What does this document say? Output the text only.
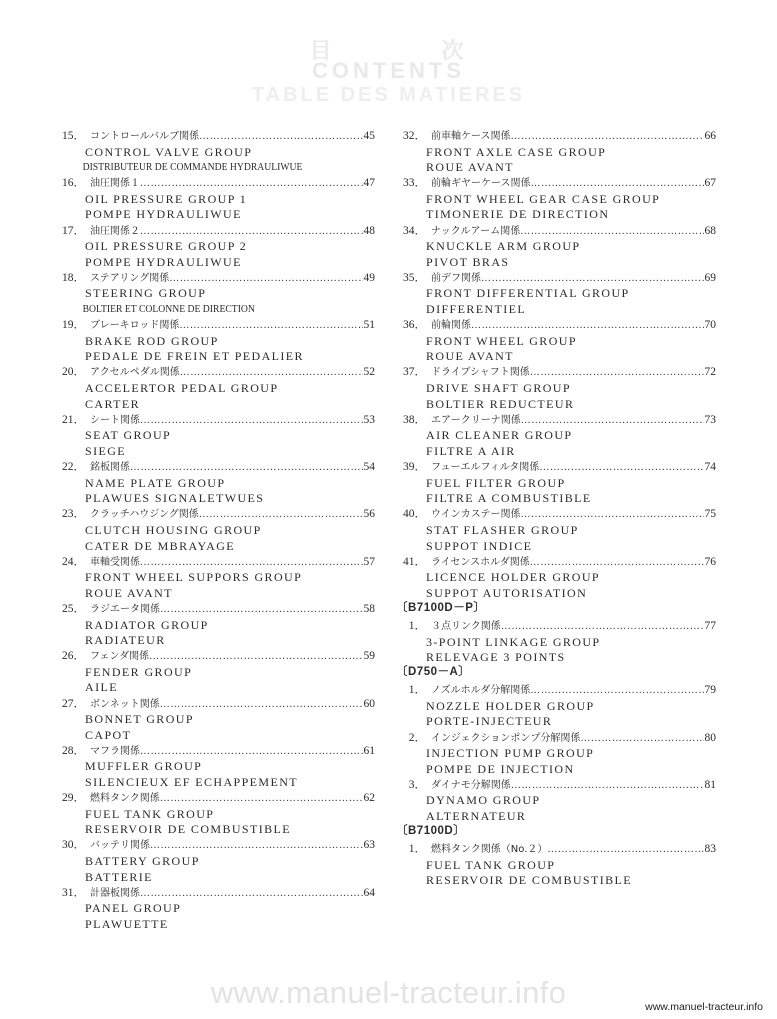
目　次
CONTENTS
TABLE DES MATIERES
15． コントロールバルブ関係 …………………………………………………………………………………………………………………………	45
CONTROL VALVE GROUP
DISTRIBUTEUR DE COMMANDE HYDRAULIWUE
16． 油圧関係１ …………………………………………………………………………………………………………………………	47
OIL PRESSURE GROUP 1
POMPE HYDRAULIWUE
17． 油圧関係２ …………………………………………………………………………………………………………………………	48
OIL PRESSURE GROUP 2
POMPE HYDRAULIWUE
18． ステアリング関係 …………………………………………………………………………………………………………………………	49
STEERING GROUP
BOLTIER ET COLONNE DE DIRECTION
19． ブレーキロッド関係 …………………………………………………………………………………………………………………………	51
BRAKE ROD GROUP
PEDALE DE FREIN ET PEDALIER
20． アクセルペダル関係 …………………………………………………………………………………………………………………………	52
ACCELERTOR PEDAL GROUP
CARTER
21． シート関係 …………………………………………………………………………………………………………………………	53
SEAT GROUP
SIEGE
22． 銘板関係 …………………………………………………………………………………………………………………………	54
NAME PLATE GROUP
PLAWUES SIGNALETWUES
23． クラッチハウジング関係 …………………………………………………………………………………………………………………………	56
CLUTCH HOUSING GROUP
CATER DE MBRAYAGE
24． 車軸受関係 …………………………………………………………………………………………………………………………	57
FRONT WHEEL SUPPORS GROUP
ROUE AVANT
25． ラジエータ関係 …………………………………………………………………………………………………………………………	58
RADIATOR GROUP
RADIATEUR
26． フェンダ関係 …………………………………………………………………………………………………………………………	59
FENDER GROUP
AILE
27． ボンネット関係 …………………………………………………………………………………………………………………………	60
BONNET GROUP
CAPOT
28． マフラ関係 …………………………………………………………………………………………………………………………	61
MUFFLER GROUP
SILENCIEUX EF ECHAPPEMENT
29． 燃料タンク関係 …………………………………………………………………………………………………………………………	62
FUEL TANK GROUP
RESERVOIR DE COMBUSTIBLE
30． バッテリ関係 …………………………………………………………………………………………………………………………	63
BATTERY GROUP
BATTERIE
31． 計器板関係 …………………………………………………………………………………………………………………………	64
PANEL GROUP
PLAWUETTE
32． 前車軸ケース関係 …………………………………………………………………………………………………………………………	66
FRONT AXLE CASE GROUP
ROUE AVANT
33． 前輪ギヤーケース関係 …………………………………………………………………………………………………………………………	67
FRONT WHEEL GEAR CASE GROUP
TIMONERIE DE DIRECTION
34． ナックルアーム関係 …………………………………………………………………………………………………………………………	68
KNUCKLE ARM GROUP
PIVOT BRAS
35． 前デフ関係 …………………………………………………………………………………………………………………………	69
FRONT DIFFERENTIAL GROUP
DIFFERENTIEL
36． 前輪関係 …………………………………………………………………………………………………………………………	70
FRONT WHEEL GROUP
ROUE AVANT
37． ドライブシャフト関係 …………………………………………………………………………………………………………………………	72
DRIVE SHAFT GROUP
BOLTIER REDUCTEUR
38． エアークリーナ関係 …………………………………………………………………………………………………………………………	73
AIR CLEANER GROUP
FILTRE A AIR
39． フューエルフィルタ関係 …………………………………………………………………………………………………………………………	74
FUEL FILTER GROUP
FILTRE A COMBUSTIBLE
40． ウインカステー関係 …………………………………………………………………………………………………………………………	75
STAT FLASHER GROUP
SUPPOT INDICE
41． ライセンスホルダ関係 …………………………………………………………………………………………………………………………	76
LICENCE HOLDER GROUP
SUPPOT AUTORISATION
〔B7100D－P〕
1． ３点リンク関係 …………………………………………………………………………………………………………………………	77
3-POINT LINKAGE GROUP
RELEVAGE 3 POINTS
〔D750－A〕
1． ノズルホルダ分解関係 …………………………………………………………………………………………………………………………	79
NOZZLE HOLDER GROUP
PORTE-INJECTEUR
2． インジェクションポンプ分解関係 …………………………………………………………………………………………………………………………	80
INJECTION PUMP GROUP
POMPE DE INJECTION
3． ダイナモ分解関係 …………………………………………………………………………………………………………………………	81
DYNAMO GROUP
ALTERNATEUR
〔B7100D〕
1． 燃料タンク関係（No.２） …………………………………………………………………………………………………………………………	83
FUEL TANK GROUP
RESERVOIR DE COMBUSTIBLE
www.manuel-tracteur.info	www.manuel-tracteur.info
